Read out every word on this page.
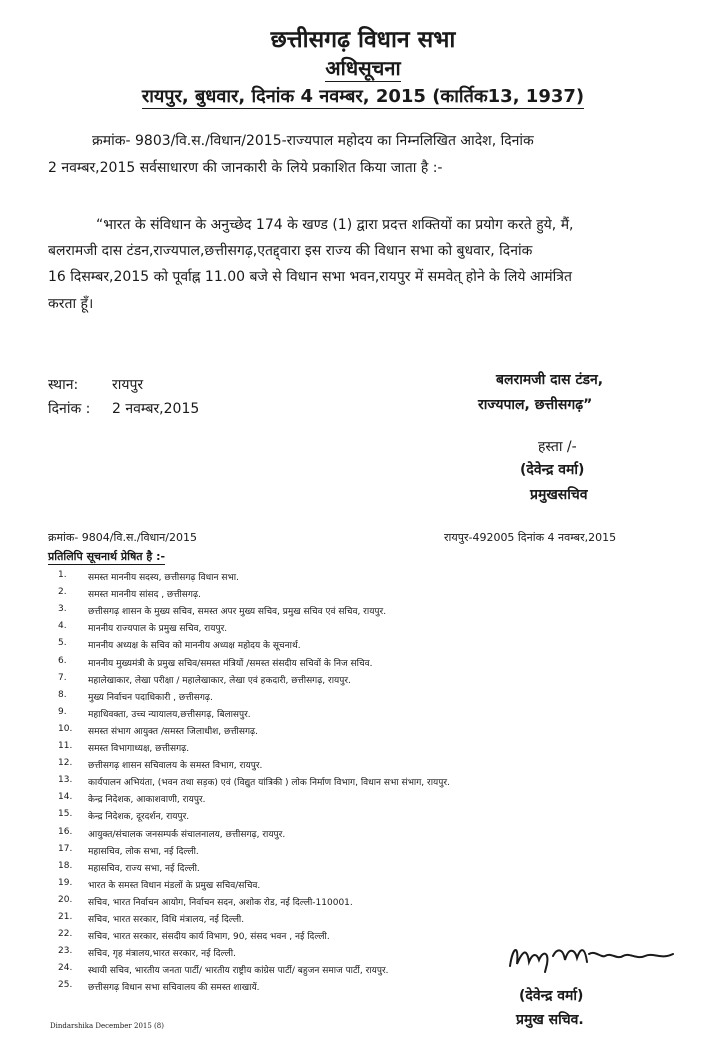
छत्तीसगढ़ विधान सभा
अधिसूचना
रायपुर, बुधवार, दिनांक 4 नवम्बर, 2015 (कार्तिक13, 1937)
क्रमांक- 9803/वि.स./विधान/2015-राज्यपाल महोदय का निम्नलिखित आदेश, दिनांक
2 नवम्बर,2015 सर्वसाधारण की जानकारी के लिये प्रकाशित किया जाता है :-
“भारत के संविधान के अनुच्छेद 174 के खण्ड (1) द्वारा प्रदत्त शक्तियों का प्रयोग करते हुये, मैं,
बलरामजी दास टंडन,राज्यपाल,छत्तीसगढ़,एतद्द्वारा इस राज्य की विधान सभा को बुधवार, दिनांक
16 दिसम्बर,2015 को पूर्वाह्न 11.00 बजे से विधान सभा भवन,रायपुर में समवेत् होने के लिये आमंत्रित
करता हूँ।
स्थान: रायपुर
दिनांक : 2 नवम्बर,2015
बलरामजी दास टंडन,
राज्यपाल, छत्तीसगढ़”
हस्ता /-
(देवेन्द्र वर्मा)
प्रमुखसचिव
क्रमांक- 9804/वि.स./विधान/2015	रायपुर-492005 दिनांक 4 नवम्बर,2015
प्रतिलिपि सूचनार्थ प्रेषित है :-
1. समस्त माननीय सदस्य, छत्तीसगढ़ विधान सभा.
2. समस्त माननीय सांसद , छत्तीसगढ़.
3. छत्तीसगढ़ शासन के मुख्य सचिव, समस्त अपर मुख्य सचिव, प्रमुख सचिव एवं सचिव, रायपुर.
4. माननीय राज्यपाल के प्रमुख सचिव, रायपुर.
5. माननीय अध्यक्ष के सचिव को माननीय अध्यक्ष महोदय के सूचनार्थ.
6. माननीय मुख्यमंत्री के प्रमुख सचिव/समस्त मंत्रियों /समस्त संसदीय सचिवों के निज सचिव.
7. महालेखाकार, लेखा परीक्षा / महालेखाकार, लेखा एवं हकदारी, छत्तीसगढ़, रायपुर.
8. मुख्य निर्वाचन पदाधिकारी , छत्तीसगढ़.
9. महाधिवक्ता, उच्च न्यायालय,छत्तीसगढ़, बिलासपुर.
10. समस्त संभाग आयुक्त /समस्त जिलाधीश, छत्तीसगढ़.
11. समस्त विभागाध्यक्ष, छत्तीसगढ़.
12. छत्तीसगढ़ शासन सचिवालय के समस्त विभाग, रायपुर.
13. कार्यपालन अभियंता, (भवन तथा सड़क) एवं (विद्युत यांत्रिकी ) लोक निर्माण विभाग, विधान सभा संभाग, रायपुर.
14. केन्द्र निदेशक, आकाशवाणी, रायपुर.
15. केन्द्र निदेशक, दूरदर्शन, रायपुर.
16. आयुक्त/संचालक जनसम्पर्क संचालनालय, छत्तीसगढ़, रायपुर.
17. महासचिव, लोक सभा, नई दिल्ली.
18. महासचिव, राज्य सभा, नई दिल्ली.
19. भारत के समस्त विधान मंडलों के प्रमुख सचिव/सचिव.
20. सचिव, भारत निर्वाचन आयोग, निर्वाचन सदन, अशोक रोड, नई दिल्ली-110001.
21. सचिव, भारत सरकार, विधि मंत्रालय, नई दिल्ली.
22. सचिव, भारत सरकार, संसदीय कार्य विभाग, 90, संसद भवन , नई दिल्ली.
23. सचिव, गृह मंत्रालय,भारत सरकार, नई दिल्ली.
24. स्थायी सचिव, भारतीय जनता पार्टी/ भारतीय राष्ट्रीय कांग्रेस पार्टी/ बहुजन समाज पार्टी, रायपुर.
25. छत्तीसगढ़ विधान सभा सचिवालय की समस्त शाखायें.	(देवेन्द्र वर्मा)
प्रमुख सचिव.
Dindarshika December 2015 (8)
